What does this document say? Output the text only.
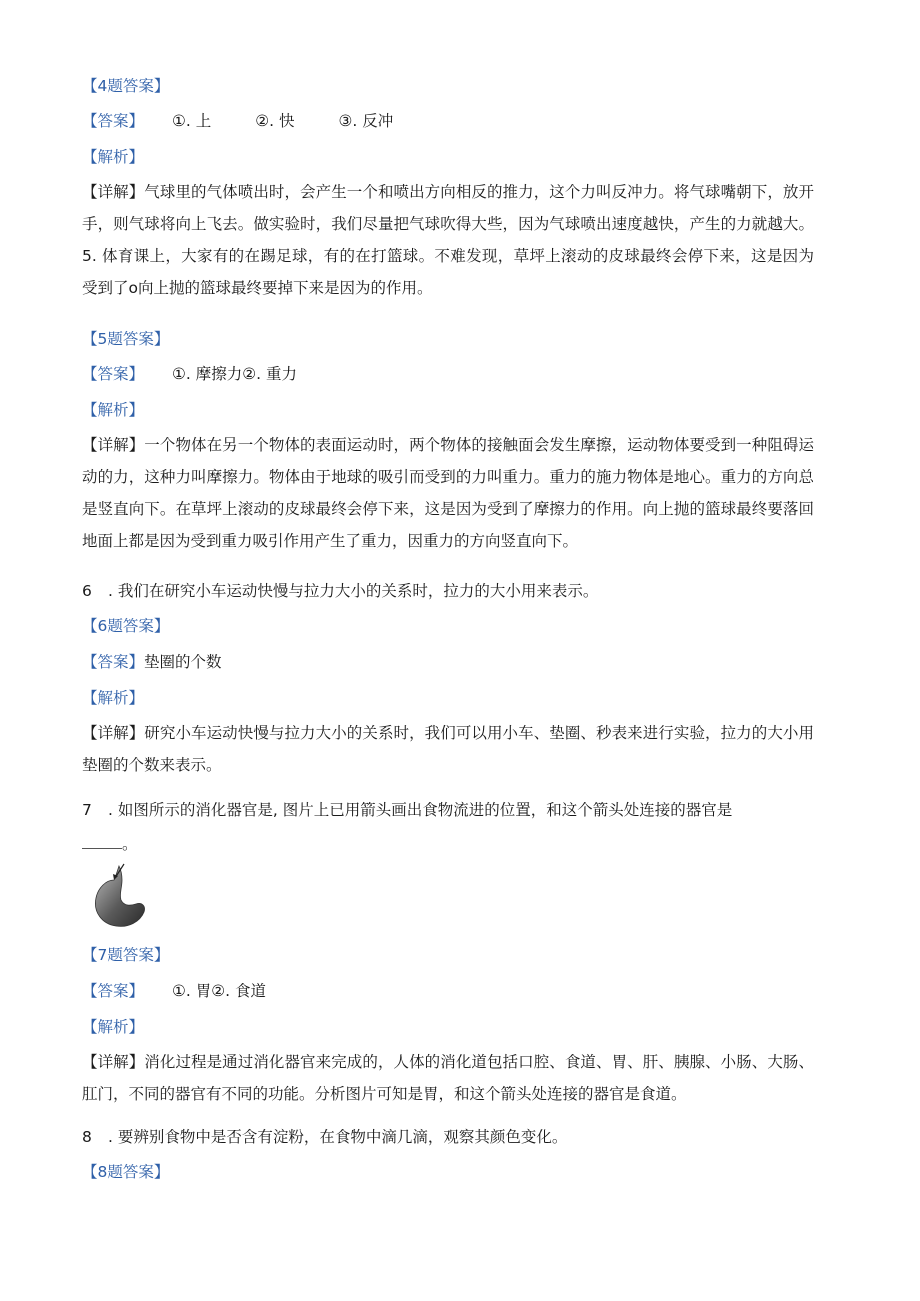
【4题答案】
【答案】 ①. 上	②. 快	③. 反冲
【解析】
【详解】气球里的气体喷出时，会产生一个和喷出方向相反的推力，这个力叫反冲力。将气球嘴朝下，放开手，则气球将向上飞去。做实验时，我们尽量把气球吹得大些，因为气球喷出速度越快，产生的力就越大。5. 体育课上，大家有的在踢足球，有的在打篮球。不难发现，草坪上滚动的皮球最终会停下来，这是因为受到了o向上抛的篮球最终要掉下来是因为的作用。
【5题答案】
【答案】 ①. 摩擦力②. 重力
【解析】
【详解】一个物体在另一个物体的表面运动时，两个物体的接触面会发生摩擦，运动物体要受到一种阻碍运动的力，这种力叫摩擦力。物体由于地球的吸引而受到的力叫重力。重力的施力物体是地心。重力的方向总是竖直向下。在草坪上滚动的皮球最终会停下来，这是因为受到了摩擦力的作用。向上抛的篮球最终要落回地面上都是因为受到重力吸引作用产生了重力，因重力的方向竖直向下。
6 . 我们在研究小车运动快慢与拉力大小的关系时，拉力的大小用来表示。
【6题答案】
【答案】垫圈的个数
【解析】
【详解】研究小车运动快慢与拉力大小的关系时，我们可以用小车、垫圈、秒表来进行实验，拉力的大小用垫圈的个数来表示。
7 . 如图所示的消化器官是, 图片上已用箭头画出食物流进的位置，和这个箭头处连接的器官是
。
【7题答案】
【答案】 ①. 胃②. 食道
【解析】
【详解】消化过程是通过消化器官来完成的，人体的消化道包括口腔、食道、胃、肝、胰腺、小肠、大肠、肛门，不同的器官有不同的功能。分析图片可知是胃，和这个箭头处连接的器官是食道。
8 . 要辨别食物中是否含有淀粉，在食物中滴几滴，观察其颜色变化。
【8题答案】
